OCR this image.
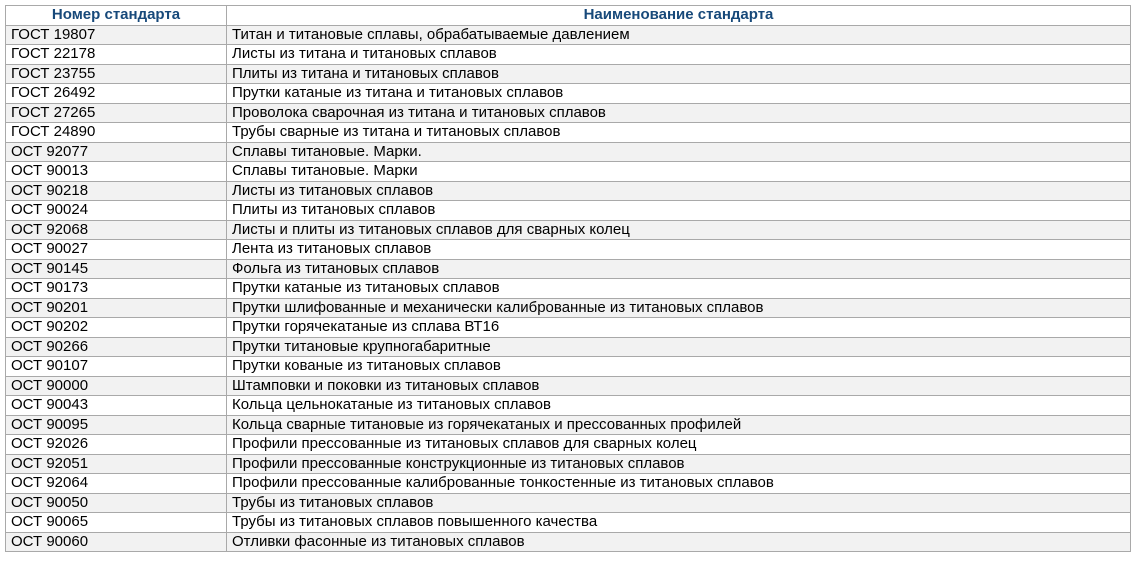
Номер стандарта	Наименование стандарта
ГОСТ 19807	Титан и титановые сплавы, обрабатываемые давлением
ГОСТ 22178	Листы из титана и титановых сплавов
ГОСТ 23755	Плиты из титана и титановых сплавов
ГОСТ 26492	Прутки катаные из титана и титановых сплавов
ГОСТ 27265	Проволока сварочная из титана и титановых сплавов
ГОСТ 24890	Трубы сварные из титана и титановых сплавов
ОСТ 92077	Сплавы титановые. Марки.
ОСТ 90013	Сплавы титановые. Марки
ОСТ 90218	Листы из титановых сплавов
ОСТ 90024	Плиты из титановых сплавов
ОСТ 92068	Листы и плиты из титановых сплавов для сварных колец
ОСТ 90027	Лента из титановых сплавов
ОСТ 90145	Фольга из титановых сплавов
ОСТ 90173	Прутки катаные из титановых сплавов
ОСТ 90201	Прутки шлифованные и механически калиброванные из титановых сплавов
ОСТ 90202	Прутки горячекатаные из сплава ВТ16
ОСТ 90266	Прутки титановые крупногабаритные
ОСТ 90107	Прутки кованые из титановых сплавов
ОСТ 90000	Штамповки и поковки из титановых сплавов
ОСТ 90043	Кольца цельнокатаные из титановых сплавов
ОСТ 90095	Кольца сварные титановые из горячекатаных и прессованных профилей
ОСТ 92026	Профили прессованные из титановых сплавов для сварных колец
ОСТ 92051	Профили прессованные конструкционные из титановых сплавов
ОСТ 92064	Профили прессованные калиброванные тонкостенные из титановых сплавов
ОСТ 90050	Трубы из титановых сплавов
ОСТ 90065	Трубы из титановых сплавов повышенного качества
ОСТ 90060	Отливки фасонные из титановых сплавов
